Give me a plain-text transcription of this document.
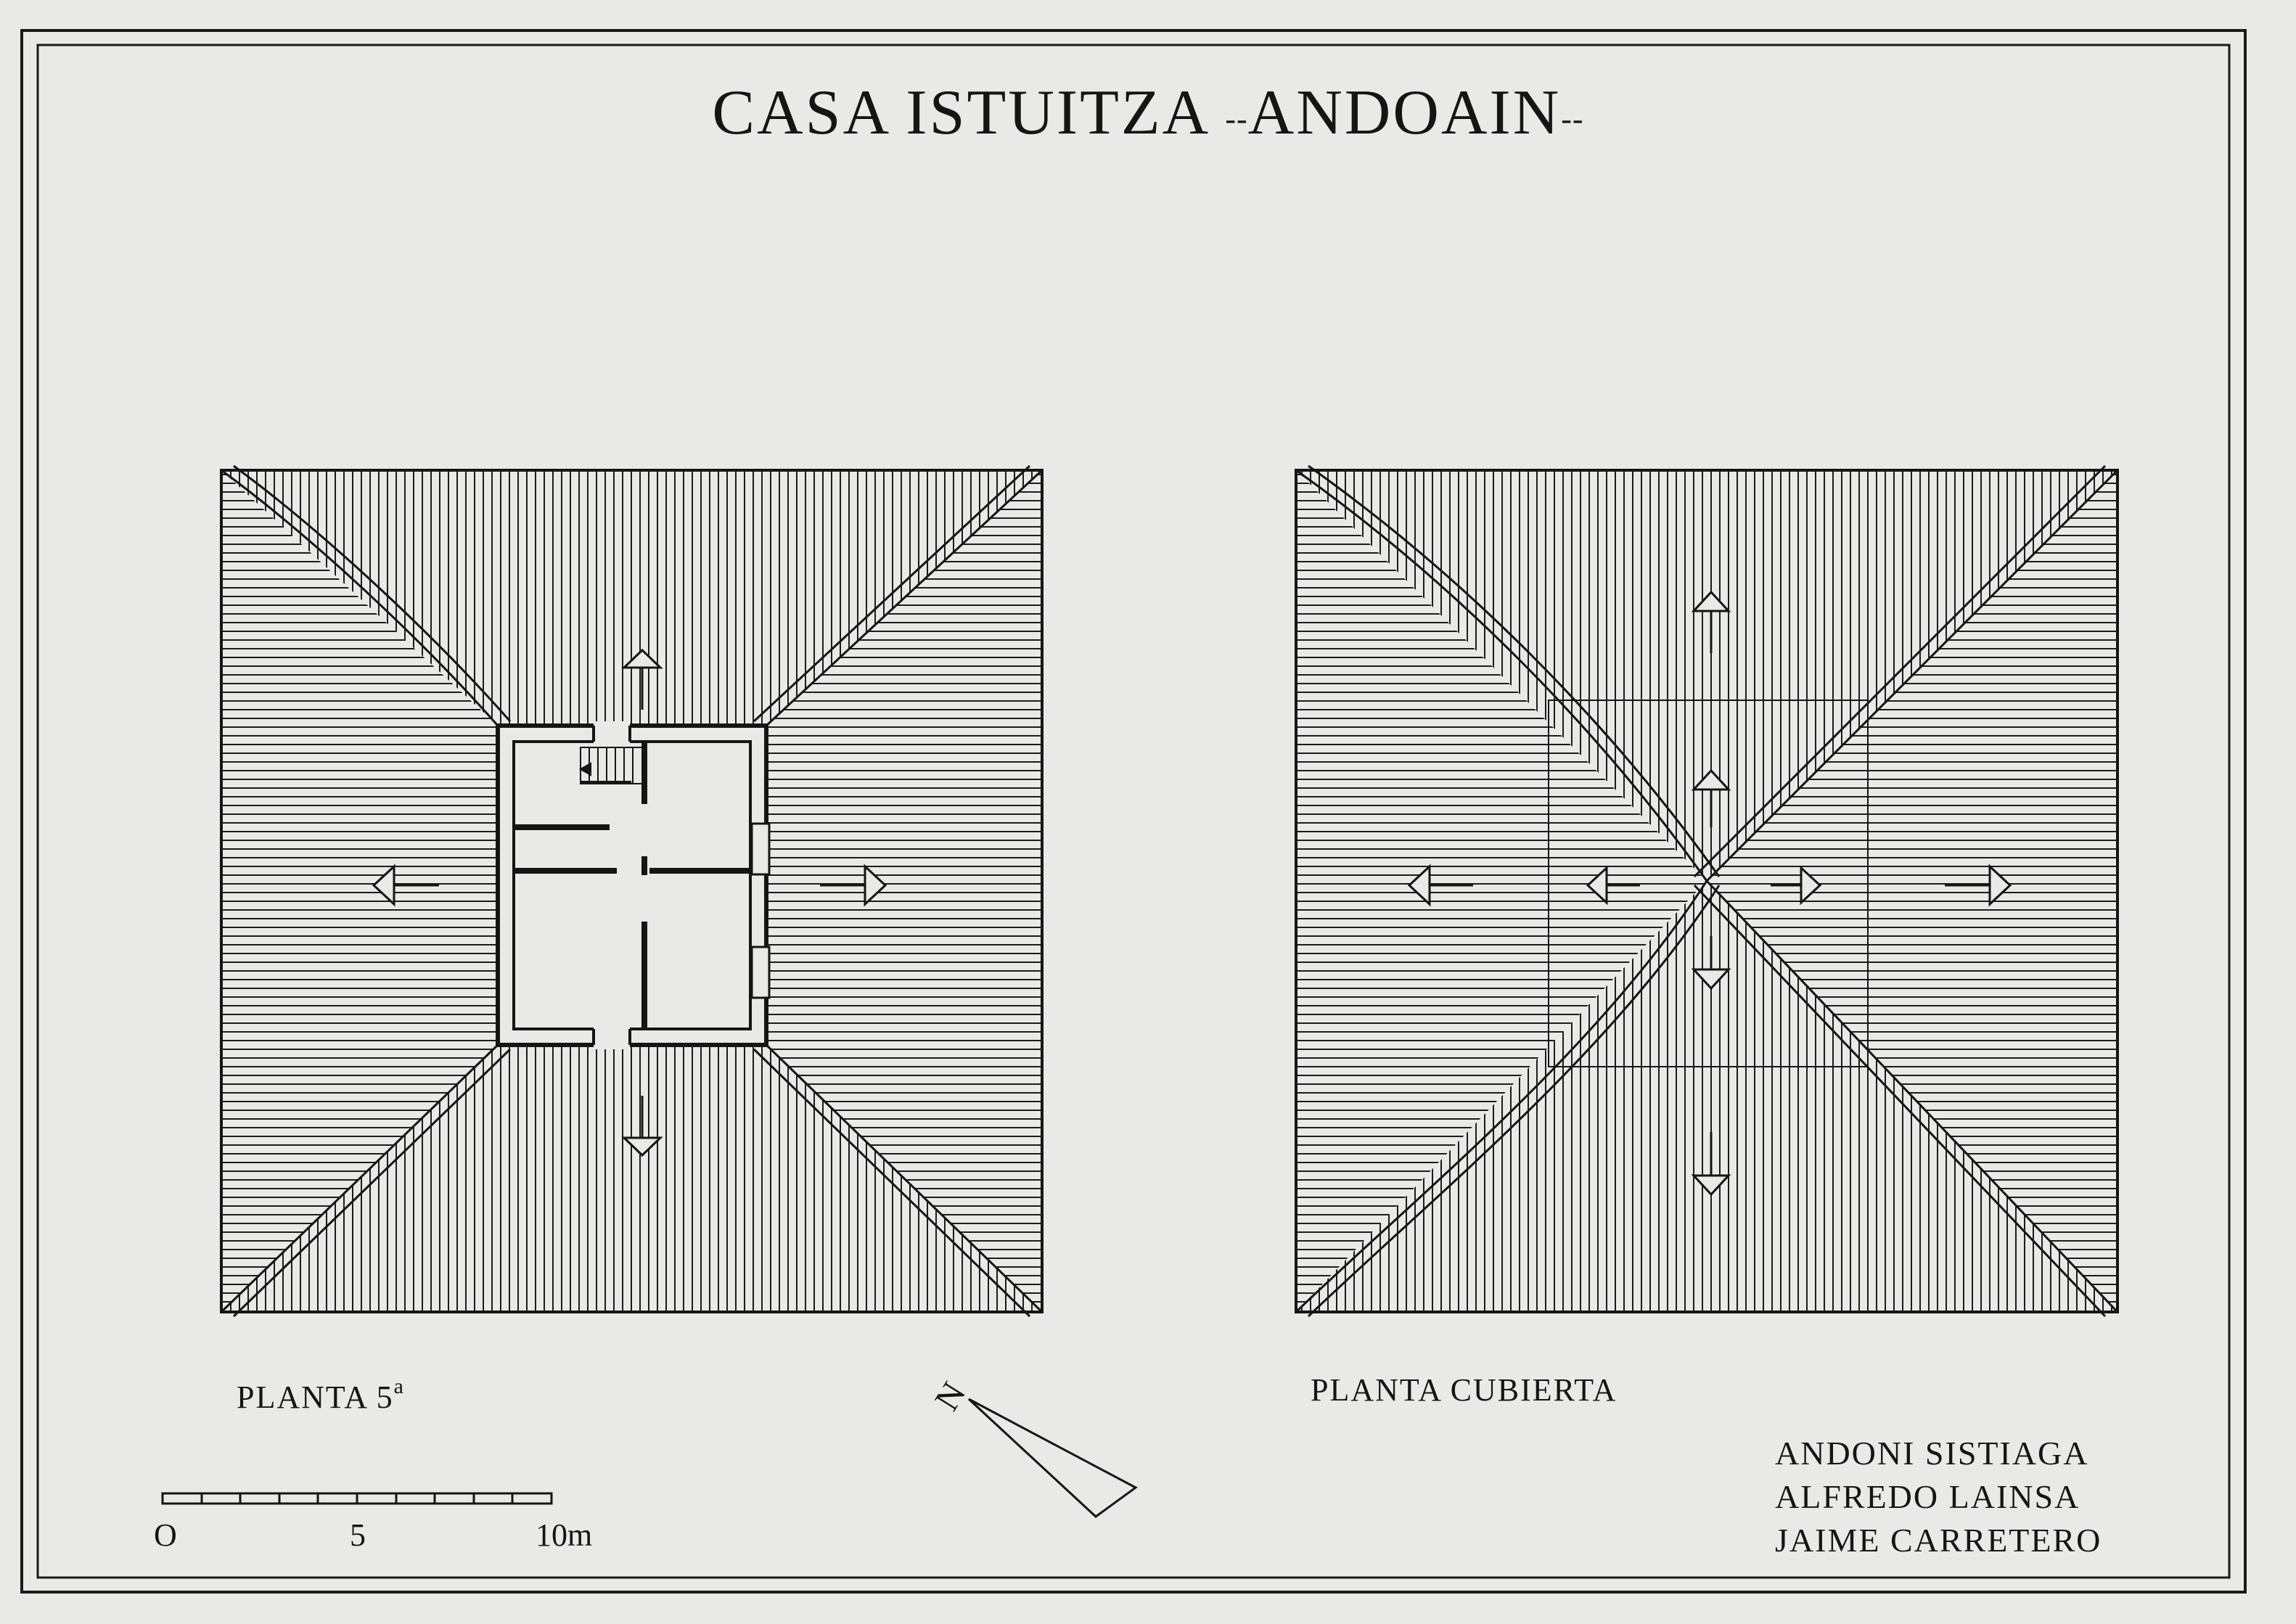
CASA ISTUITZA --ANDOAIN--
PLANTA 5$^a$	PLANTA CUBIERTA
O	5	10m
N
ANDONI SISTIAGA
ALFREDO LAINSA
JAIME CARRETERO
